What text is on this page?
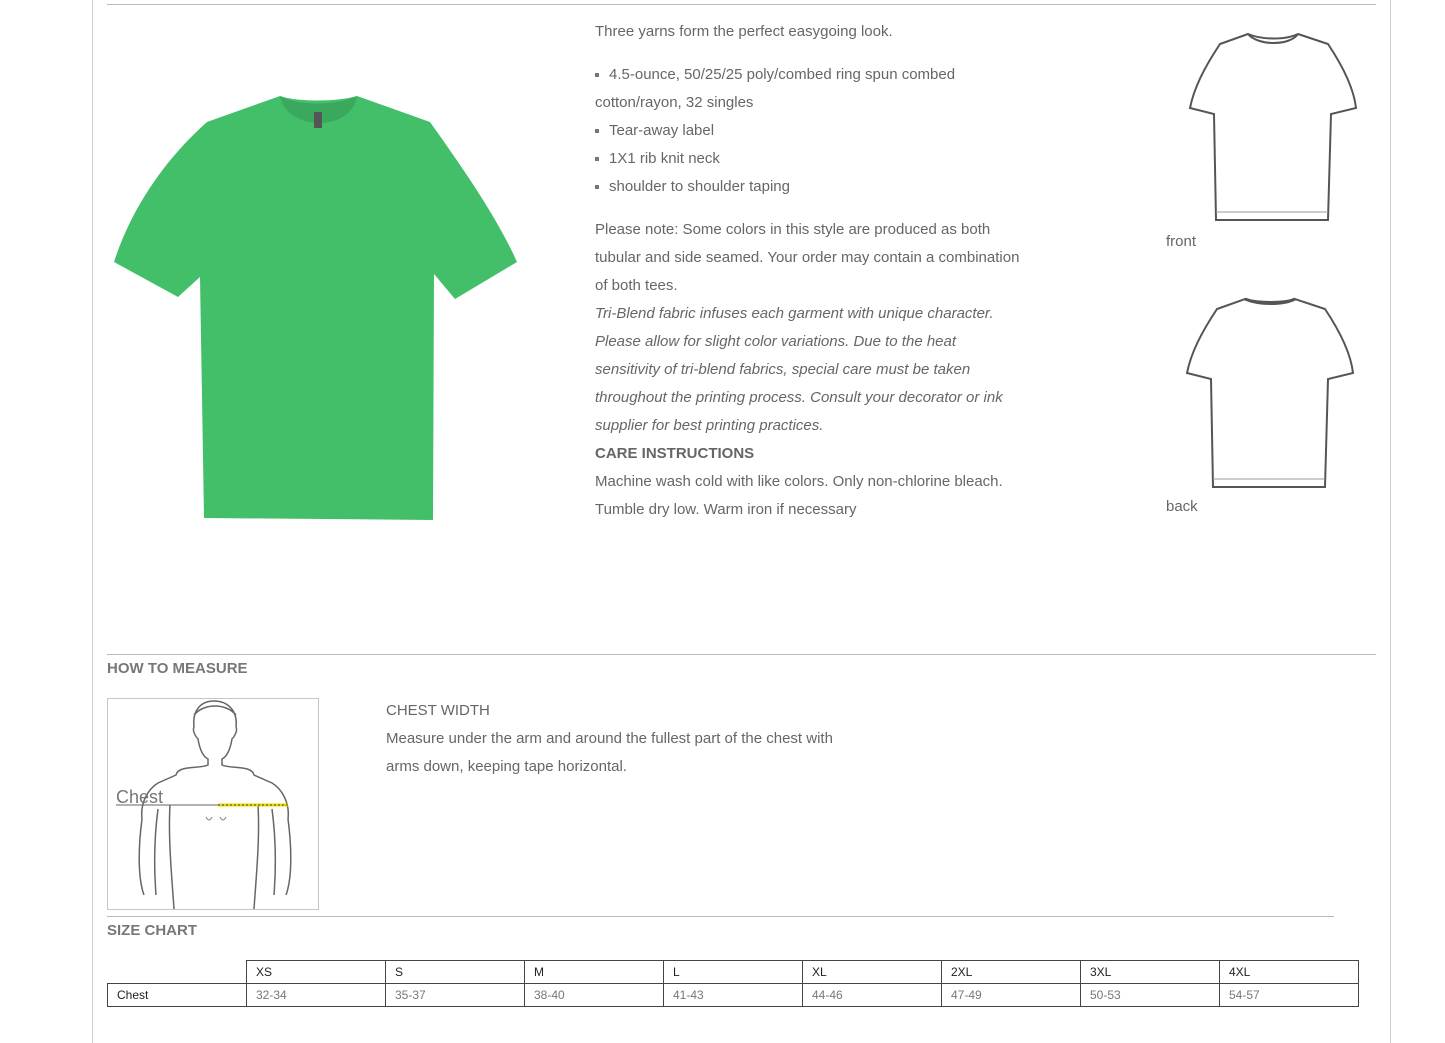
Three yarns form the perfect easygoing look.

4.5-ounce, 50/25/25 poly/combed ring spun combed cotton/rayon, 32 singles
Tear-away label
1X1 rib knit neck
shoulder to shoulder taping

Please note: Some colors in this style are produced as both tubular and side seamed. Your order may contain a combination of both tees.

Tri-Blend fabric infuses each garment with unique character. Please allow for slight color variations. Due to the heat sensitivity of tri-blend fabrics, special care must be taken throughout the printing process. Consult your decorator or ink supplier for best printing practices.

CARE INSTRUCTIONS

Machine wash cold with like colors. Only non-chlorine bleach. Tumble dry low. Warm iron if necessary

front
back
HOW TO MEASURE
Chest
CHEST WIDTH
Measure under the arm and around the fullest part of the chest with arms down, keeping tape horizontal.
SIZE CHART
	XS	S	M	L	XL	2XL	3XL	4XL
Chest	32-34	35-37	38-40	41-43	44-46	47-49	50-53	54-57
